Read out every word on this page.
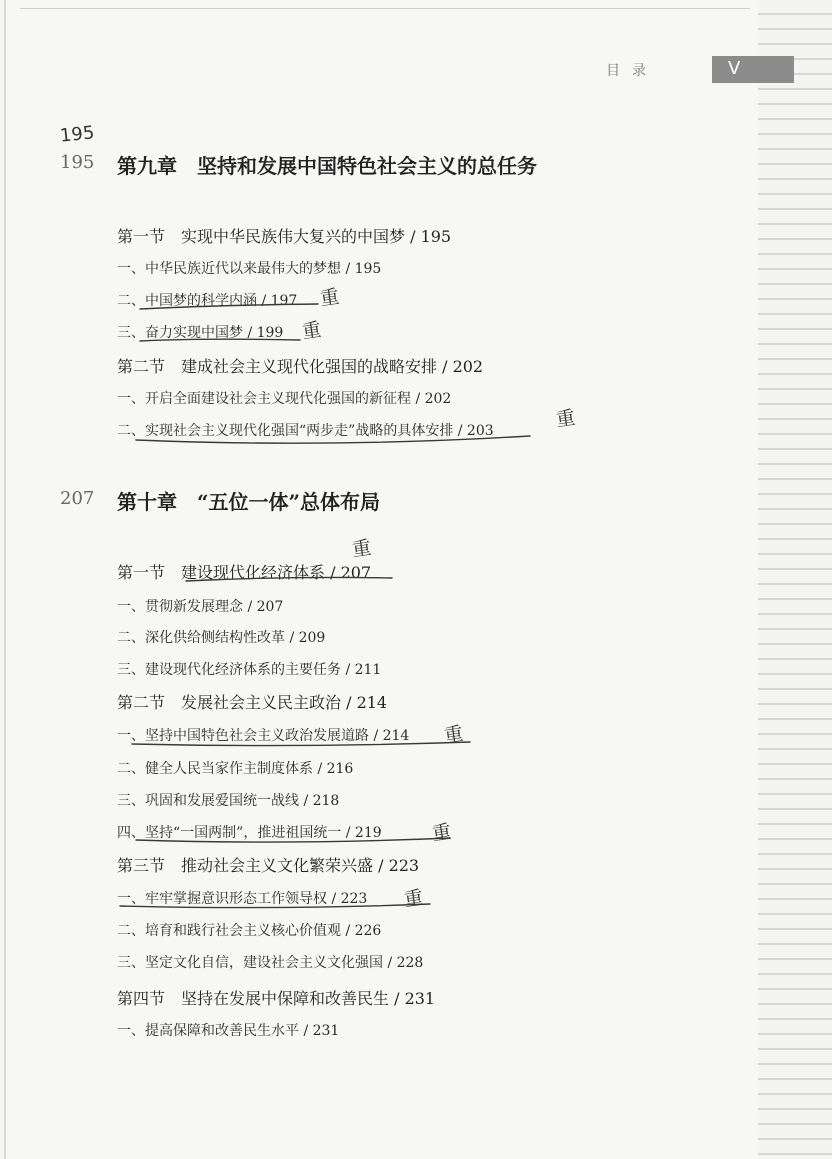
目录	V
195
195 第九章　坚持和发展中国特色社会主义的总任务
第一节　实现中华民族伟大复兴的中国梦 / 195
一、中华民族近代以来最伟大的梦想 / 195
二、中国梦的科学内涵 / 197
三、奋力实现中国梦 / 199
第二节　建成社会主义现代化强国的战略安排 / 202
一、开启全面建设社会主义现代化强国的新征程 / 202
二、实现社会主义现代化强国“两步走”战略的具体安排 / 203
207 第十章　“五位一体”总体布局
第一节　建设现代化经济体系 / 207
一、贯彻新发展理念 / 207
二、深化供给侧结构性改革 / 209
三、建设现代化经济体系的主要任务 / 211
第二节　发展社会主义民主政治 / 214
一、坚持中国特色社会主义政治发展道路 / 214
二、健全人民当家作主制度体系 / 216
三、巩固和发展爱国统一战线 / 218
四、坚持“一国两制”，推进祖国统一 / 219
第三节　推动社会主义文化繁荣兴盛 / 223
一、牢牢掌握意识形态工作领导权 / 223
二、培育和践行社会主义核心价值观 / 226
三、坚定文化自信，建设社会主义文化强国 / 228
第四节　坚持在发展中保障和改善民生 / 231
一、提高保障和改善民生水平 / 231
重
重
重
重
重
重
重
